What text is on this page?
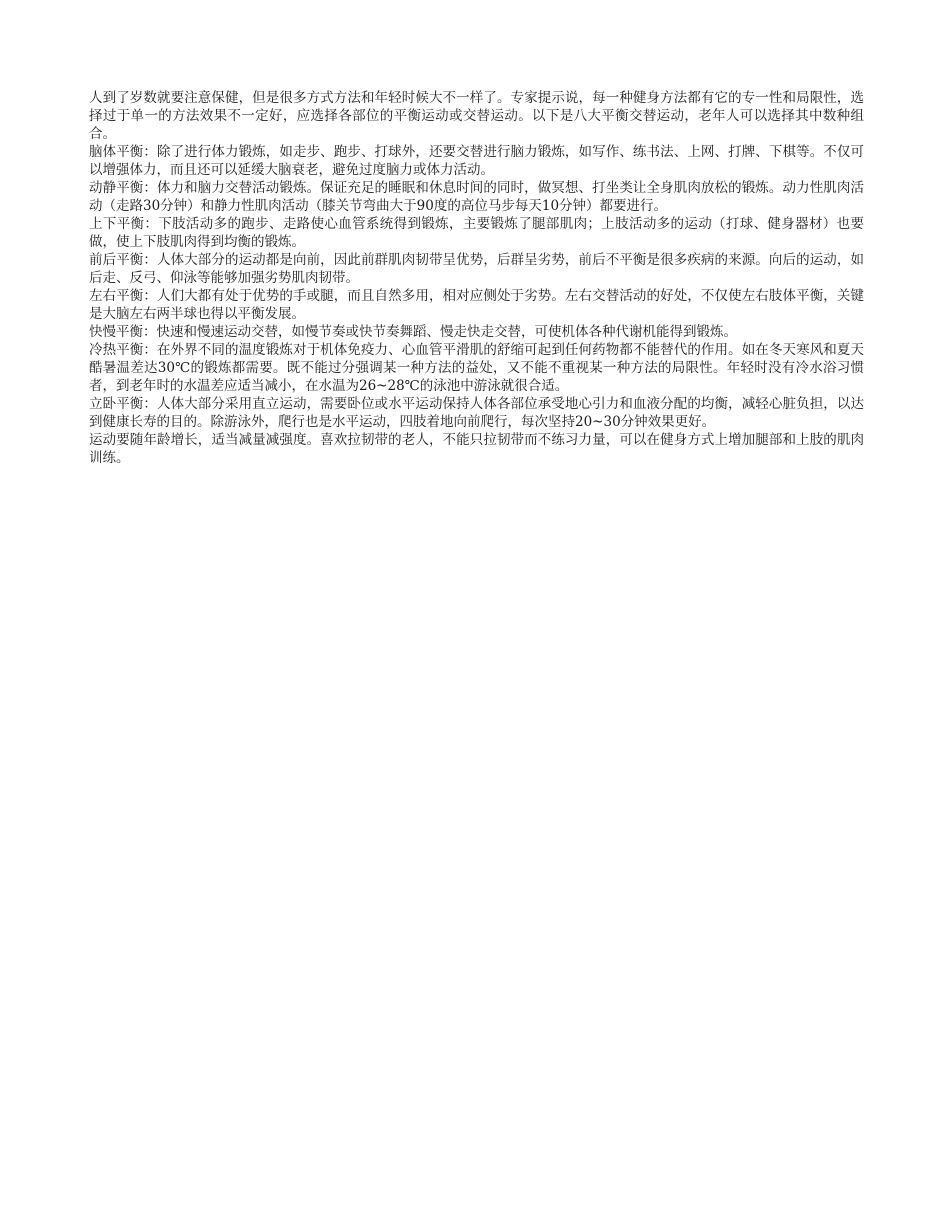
人到了岁数就要注意保健，但是很多方式方法和年轻时候大不一样了。专家提示说，每一种健身方法都有它的专一性和局限性，选择过于单一的方法效果不一定好，应选择各部位的平衡运动或交替运动。以下是八大平衡交替运动，老年人可以选择其中数种组合。

脑体平衡：除了进行体力锻炼，如走步、跑步、打球外，还要交替进行脑力锻炼，如写作、练书法、上网、打牌、下棋等。不仅可以增强体力，而且还可以延缓大脑衰老，避免过度脑力或体力活动。

动静平衡：体力和脑力交替活动锻炼。保证充足的睡眠和休息时间的同时，做冥想、打坐类让全身肌肉放松的锻炼。动力性肌肉活动（走路30分钟）和静力性肌肉活动（膝关节弯曲大于90度的高位马步每天10分钟）都要进行。

上下平衡：下肢活动多的跑步、走路使心血管系统得到锻炼，主要锻炼了腿部肌肉；上肢活动多的运动（打球、健身器材）也要做，使上下肢肌肉得到均衡的锻炼。

前后平衡：人体大部分的运动都是向前，因此前群肌肉韧带呈优势，后群呈劣势，前后不平衡是很多疾病的来源。向后的运动，如后走、反弓、仰泳等能够加强劣势肌肉韧带。

左右平衡：人们大都有处于优势的手或腿，而且自然多用，相对应侧处于劣势。左右交替活动的好处，不仅使左右肢体平衡，关键是大脑左右两半球也得以平衡发展。

快慢平衡：快速和慢速运动交替，如慢节奏或快节奏舞蹈、慢走快走交替，可使机体各种代谢机能得到锻炼。

冷热平衡：在外界不同的温度锻炼对于机体免疫力、心血管平滑肌的舒缩可起到任何药物都不能替代的作用。如在冬天寒风和夏天酷暑温差达30℃的锻炼都需要。既不能过分强调某一种方法的益处，又不能不重视某一种方法的局限性。年轻时没有冷水浴习惯者，到老年时的水温差应适当减小，在水温为26~28℃的泳池中游泳就很合适。

立卧平衡：人体大部分采用直立运动，需要卧位或水平运动保持人体各部位承受地心引力和血液分配的均衡，减轻心脏负担，以达到健康长寿的目的。除游泳外，爬行也是水平运动，四肢着地向前爬行，每次坚持20~30分钟效果更好。

运动要随年龄增长，适当减量减强度。喜欢拉韧带的老人，不能只拉韧带而不练习力量，可以在健身方式上增加腿部和上肢的肌肉训练。
